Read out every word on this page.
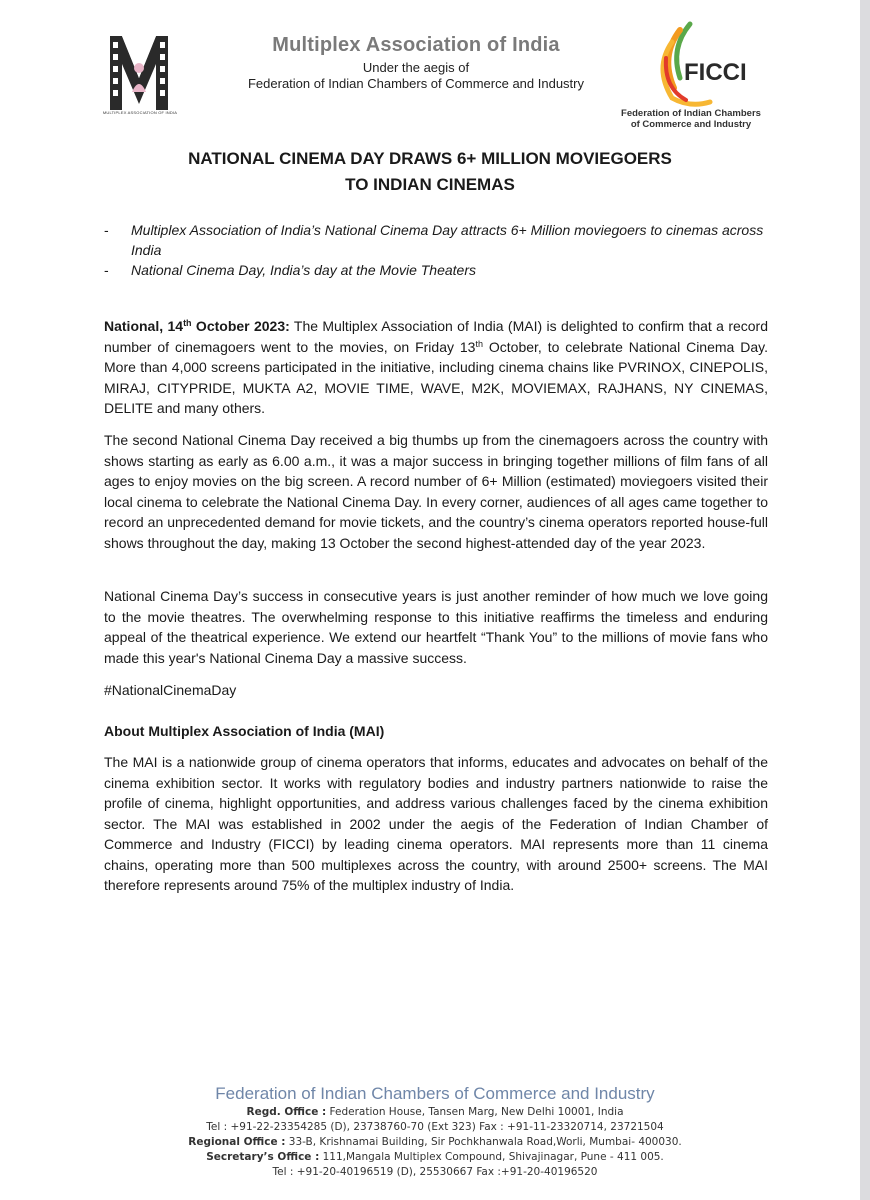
MULTIPLEX ASSOCIATION OF INDIA
Multiplex Association of India
Under the aegis of
Federation of Indian Chambers of Commerce and Industry	FICCI
Federation of Indian Chambers
of Commerce and Industry
NATIONAL CINEMA DAY DRAWS 6+ MILLION MOVIEGOERS
TO INDIAN CINEMAS
- Multiplex Association of India’s National Cinema Day attracts 6+ Million moviegoers to cinemas across India
- National Cinema Day, India’s day at the Movie Theaters
National, 14th October 2023: The Multiplex Association of India (MAI) is delighted to confirm that a record number of cinemagoers went to the movies, on Friday 13th October, to celebrate National Cinema Day. More than 4,000 screens participated in the initiative, including cinema chains like PVRINOX, CINEPOLIS, MIRAJ, CITYPRIDE, MUKTA A2, MOVIE TIME, WAVE, M2K, MOVIEMAX, RAJHANS, NY CINEMAS, DELITE and many others.
The second National Cinema Day received a big thumbs up from the cinemagoers across the country with shows starting as early as 6.00 a.m., it was a major success in bringing together millions of film fans of all ages to enjoy movies on the big screen. A record number of 6+ Million (estimated) moviegoers visited their local cinema to celebrate the National Cinema Day. In every corner, audiences of all ages came together to record an unprecedented demand for movie tickets, and the country’s cinema operators reported house-full shows throughout the day, making 13 October the second highest-attended day of the year 2023.
National Cinema Day’s success in consecutive years is just another reminder of how much we love going to the movie theatres. The overwhelming response to this initiative reaffirms the timeless and enduring appeal of the theatrical experience. We extend our heartfelt “Thank You” to the millions of movie fans who made this year's National Cinema Day a massive success.
#NationalCinemaDay
About Multiplex Association of India (MAI)
The MAI is a nationwide group of cinema operators that informs, educates and advocates on behalf of the cinema exhibition sector. It works with regulatory bodies and industry partners nationwide to raise the profile of cinema, highlight opportunities, and address various challenges faced by the cinema exhibition sector. The MAI was established in 2002 under the aegis of the Federation of Indian Chamber of Commerce and Industry (FICCI) by leading cinema operators. MAI represents more than 11 cinema chains, operating more than 500 multiplexes across the country, with around 2500+ screens. The MAI therefore represents around 75% of the multiplex industry of India.
Federation of Indian Chambers of Commerce and Industry
Regd. Office : Federation House, Tansen Marg, New Delhi 10001, India
Tel : +91-22-23354285 (D), 23738760-70 (Ext 323) Fax : +91-11-23320714, 23721504
Regional Office : 33-B, Krishnamai Building, Sir Pochkhanwala Road,Worli, Mumbai- 400030.
Secretary’s Office : 111,Mangala Multiplex Compound, Shivajinagar, Pune - 411 005.
Tel : +91-20-40196519 (D), 25530667 Fax :+91-20-40196520
